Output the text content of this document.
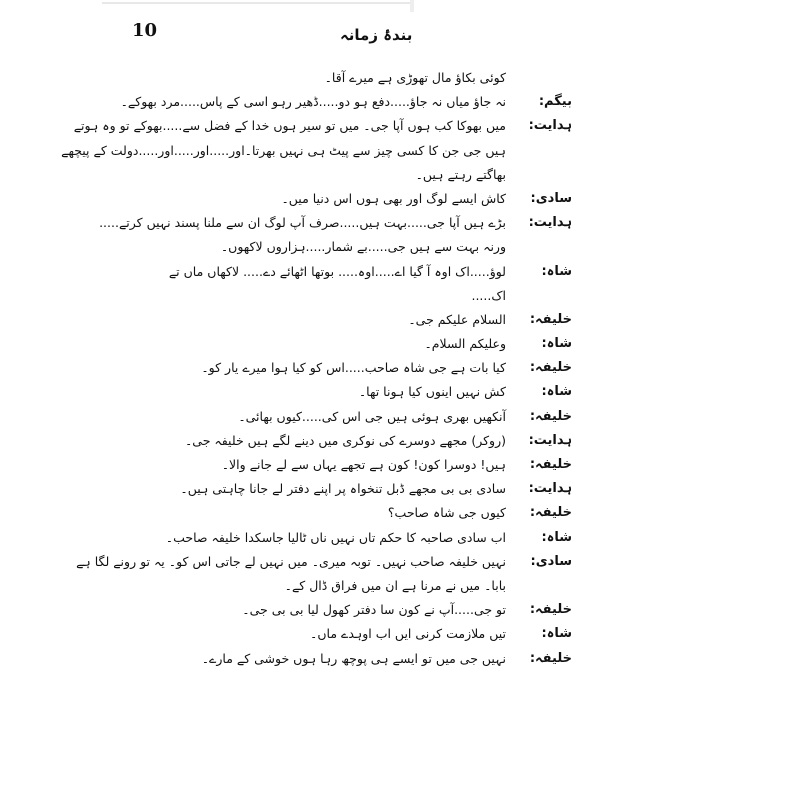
10	بندۂ زمانہ
کوئی بکاؤ مال تھوڑی ہے میرے آقا۔
بیگم:
نہ جاؤ میاں نہ جاؤ.....دفع ہو دو.....ڈھیر رہو اسی کے پاس.....مرد بھوکے۔
ہدایت:
میں بھوکا کب ہوں آپا جی۔ میں تو سیر ہوں خدا کے فضل سے.....بھوکے تو وہ ہوتے
ہیں جی جن کا کسی چیز سے پیٹ ہی نہیں بھرتا۔اور.....اور.....اور.....دولت کے پیچھے
بھاگتے رہتے ہیں۔
سادی:
کاش ایسے لوگ اور بھی ہوں اس دنیا میں۔
ہدایت:
بڑے ہیں آپا جی.....بہت ہیں.....صرف آپ لوگ ان سے ملنا پسند نہیں کرتے.....
ورنہ بہت سے ہیں جی.....بے شمار.....ہزاروں لاکھوں۔
شاہ:
لوؤ.....اک اوہ آ گیا اے.....اوہ..... بوتھا اٹھائے دے..... لاکھاں ماں تے
اک.....
خلیفہ:
السلام علیکم جی۔
شاہ:
وعلیکم السلام۔
خلیفہ:
کیا بات ہے جی شاہ صاحب.....اس کو کیا ہوا میرے یار کو۔
شاہ:
کش نہیں اینوں کیا ہونا تھا۔
خلیفہ:
آنکھیں بھری ہوئی ہیں جی اس کی.....کیوں بھائی۔
ہدایت:
(روکر) مجھے دوسرے کی نوکری میں دینے لگے ہیں خلیفہ جی۔
خلیفہ:
ہیں! دوسرا کون! کون ہے تجھے یہاں سے لے جانے والا۔
ہدایت:
سادی بی بی مجھے ڈبل تنخواہ پر اپنے دفتر لے جانا چاہتی ہیں۔
خلیفہ:
کیوں جی شاہ صاحب؟
شاہ:
اب سادی صاحبہ کا حکم تاں نہیں ناں ٹالیا جاسکدا خلیفہ صاحب۔
سادی:
نہیں خلیفہ صاحب نہیں۔ توبہ میری۔ میں نہیں لے جاتی اس کو۔ یہ تو رونے لگا ہے
بابا۔ میں نے مرنا ہے ان میں فراق ڈال کے۔
خلیفہ:
تو جی.....آپ نے کون سا دفتر کھول لیا بی بی جی۔
شاہ:
تیں ملازمت کرنی ایں اب اوہدے ماں۔
خلیفہ:
نہیں جی میں تو ایسے ہی پوچھ رہا ہوں خوشی کے مارے۔
